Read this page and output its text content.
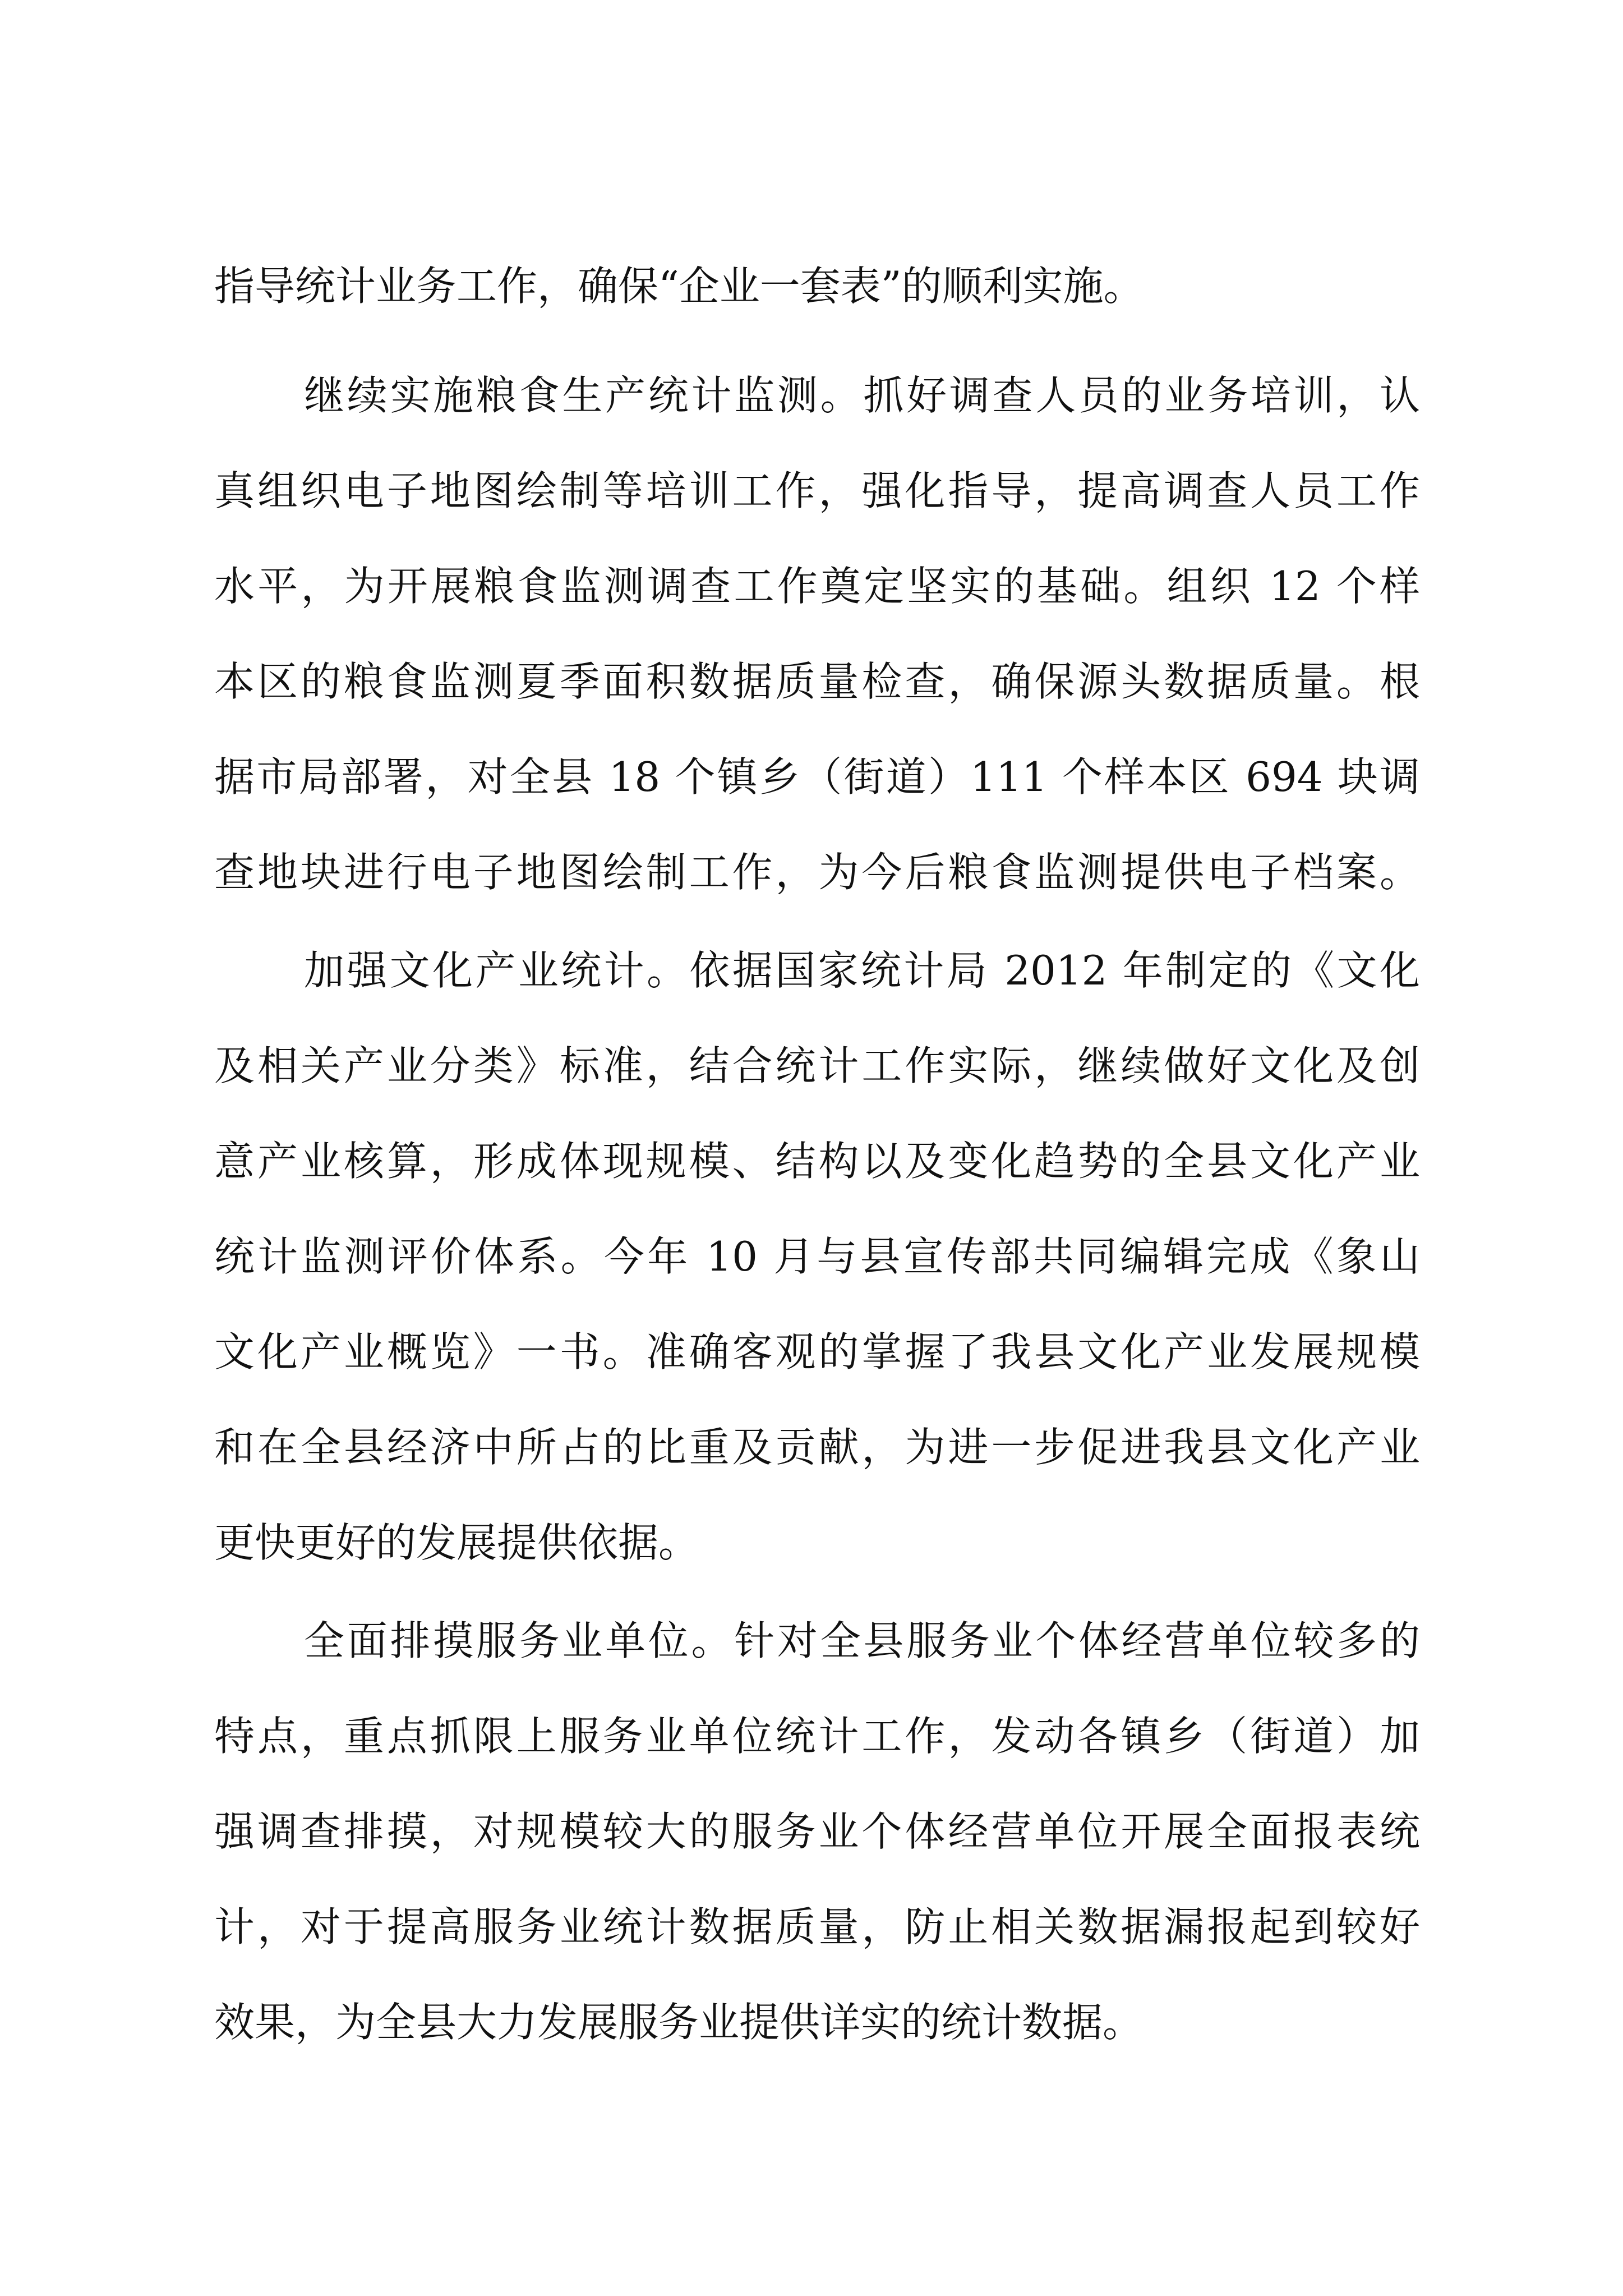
指导统计业务工作，确保“企业一套表”的顺利实施。
继续实施粮食生产统计监测。抓好调查人员的业务培训，认
真组织电子地图绘制等培训工作，强化指导，提高调查人员工作
水平，为开展粮食监测调查工作奠定坚实的基础。组织 12 个样
本区的粮食监测夏季面积数据质量检查，确保源头数据质量。根
据市局部署，对全县 18 个镇乡（街道）111 个样本区 694 块调
查地块进行电子地图绘制工作，为今后粮食监测提供电子档案。
加强文化产业统计。依据国家统计局 2012 年制定的《文化
及相关产业分类》标准，结合统计工作实际，继续做好文化及创
意产业核算，形成体现规模、结构以及变化趋势的全县文化产业
统计监测评价体系。今年 10 月与县宣传部共同编辑完成《象山
文化产业概览》一书。准确客观的掌握了我县文化产业发展规模
和在全县经济中所占的比重及贡献，为进一步促进我县文化产业
更快更好的发展提供依据。
全面排摸服务业单位。针对全县服务业个体经营单位较多的
特点，重点抓限上服务业单位统计工作，发动各镇乡（街道）加
强调查排摸，对规模较大的服务业个体经营单位开展全面报表统
计，对于提高服务业统计数据质量，防止相关数据漏报起到较好
效果，为全县大力发展服务业提供详实的统计数据。
